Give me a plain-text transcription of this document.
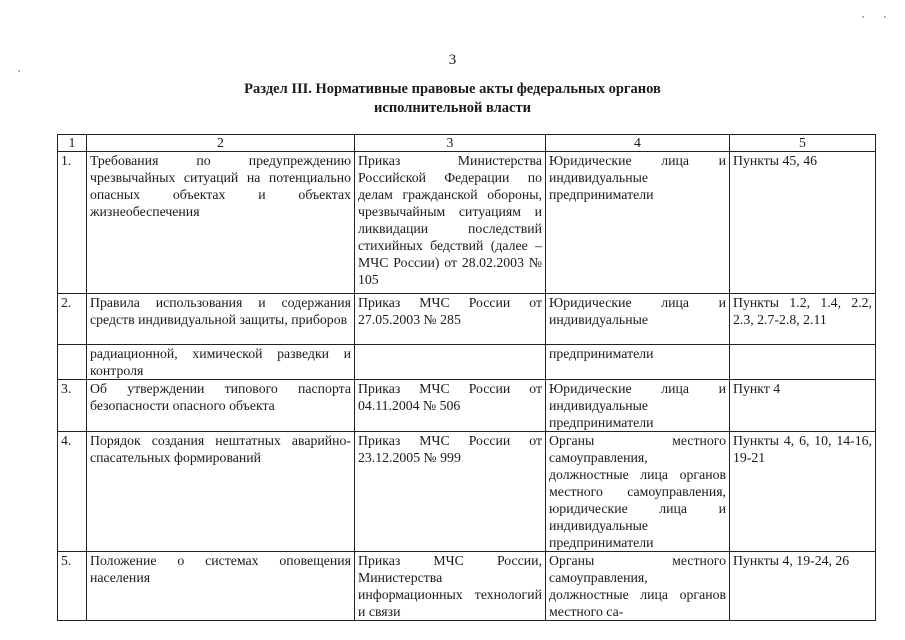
3
Раздел III. Нормативные правовые акты федеральных органов
исполнительной власти
1	2	3	4	5
1.	Требования по предупреждению чрезвычайных ситуаций на потенциально опасных объектах и объектах жизнеобеспечения	Приказ Министерства Российской Федерации по делам гражданской обороны, чрезвычайным ситуациям и ликвидации последствий стихийных бедствий (далее – МЧС России) от 28.02.2003 № 105	Юридические лица и индивидуальные предприниматели	Пункты 45, 46
2.	Правила использования и содержания средств индивидуальной защиты, приборов	Приказ МЧС России от 27.05.2003 № 285	Юридические лица и индивидуальные	Пункты 1.2, 1.4, 2.2, 2.3, 2.7-2.8, 2.11
	радиационной, химической разведки и контроля		предприниматели	
3.	Об утверждении типового паспорта безопасности опасного объекта	Приказ МЧС России от 04.11.2004 № 506	Юридические лица и индивидуальные предприниматели	Пункт 4
4.	Порядок создания нештатных аварийно-спасательных формирований	Приказ МЧС России от 23.12.2005 № 999	Органы местного самоуправления, должностные лица органов местного самоуправления, юридические лица и индивидуальные предприниматели	Пункты 4, 6, 10, 14-16, 19-21
5.	Положение о системах оповещения населения	Приказ МЧС России, Министерства информационных технологий и связи	Органы местного самоуправления, должностные лица органов местного са-	Пункты 4, 19-24, 26
